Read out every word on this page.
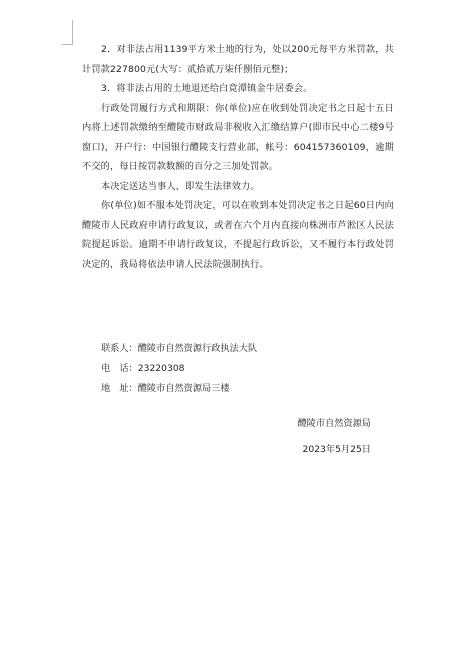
2．对非法占用1139平方米土地的行为，处以200元每平方米罚款，共计罚款227800元(大写：贰拾贰万柒仟捌佰元整)；

3．将非法占用的土地退还给白竟潭镇金牛居委会。

行政处罚履行方式和期限：你(单位)应在收到处罚决定书之日起十五日内将上述罚款缴纳至醴陵市财政局非税收入汇缴结算户(即市民中心二楼9号窗口)，开户行：中国银行醴陵支行营业部，帐号：604157360109，逾期不交的，每日按罚款数额的百分之三加处罚款。

本决定送达当事人，即发生法律效力。

你(单位)如不服本处罚决定，可以在收到本处罚决定书之日起60日内向醴陵市人民政府申请行政复议，或者在六个月内直接向株洲市芦淞区人民法院提起诉讼。逾期不申请行政复议，不提起行政诉讼，又不履行本行政处罚决定的，我局将依法申请人民法院强制执行。

联系人：醴陵市自然资源行政执法大队
电　话：23220308
地　址：醴陵市自然资源局三楼
醴陵市自然资源局
2023年5月25日
